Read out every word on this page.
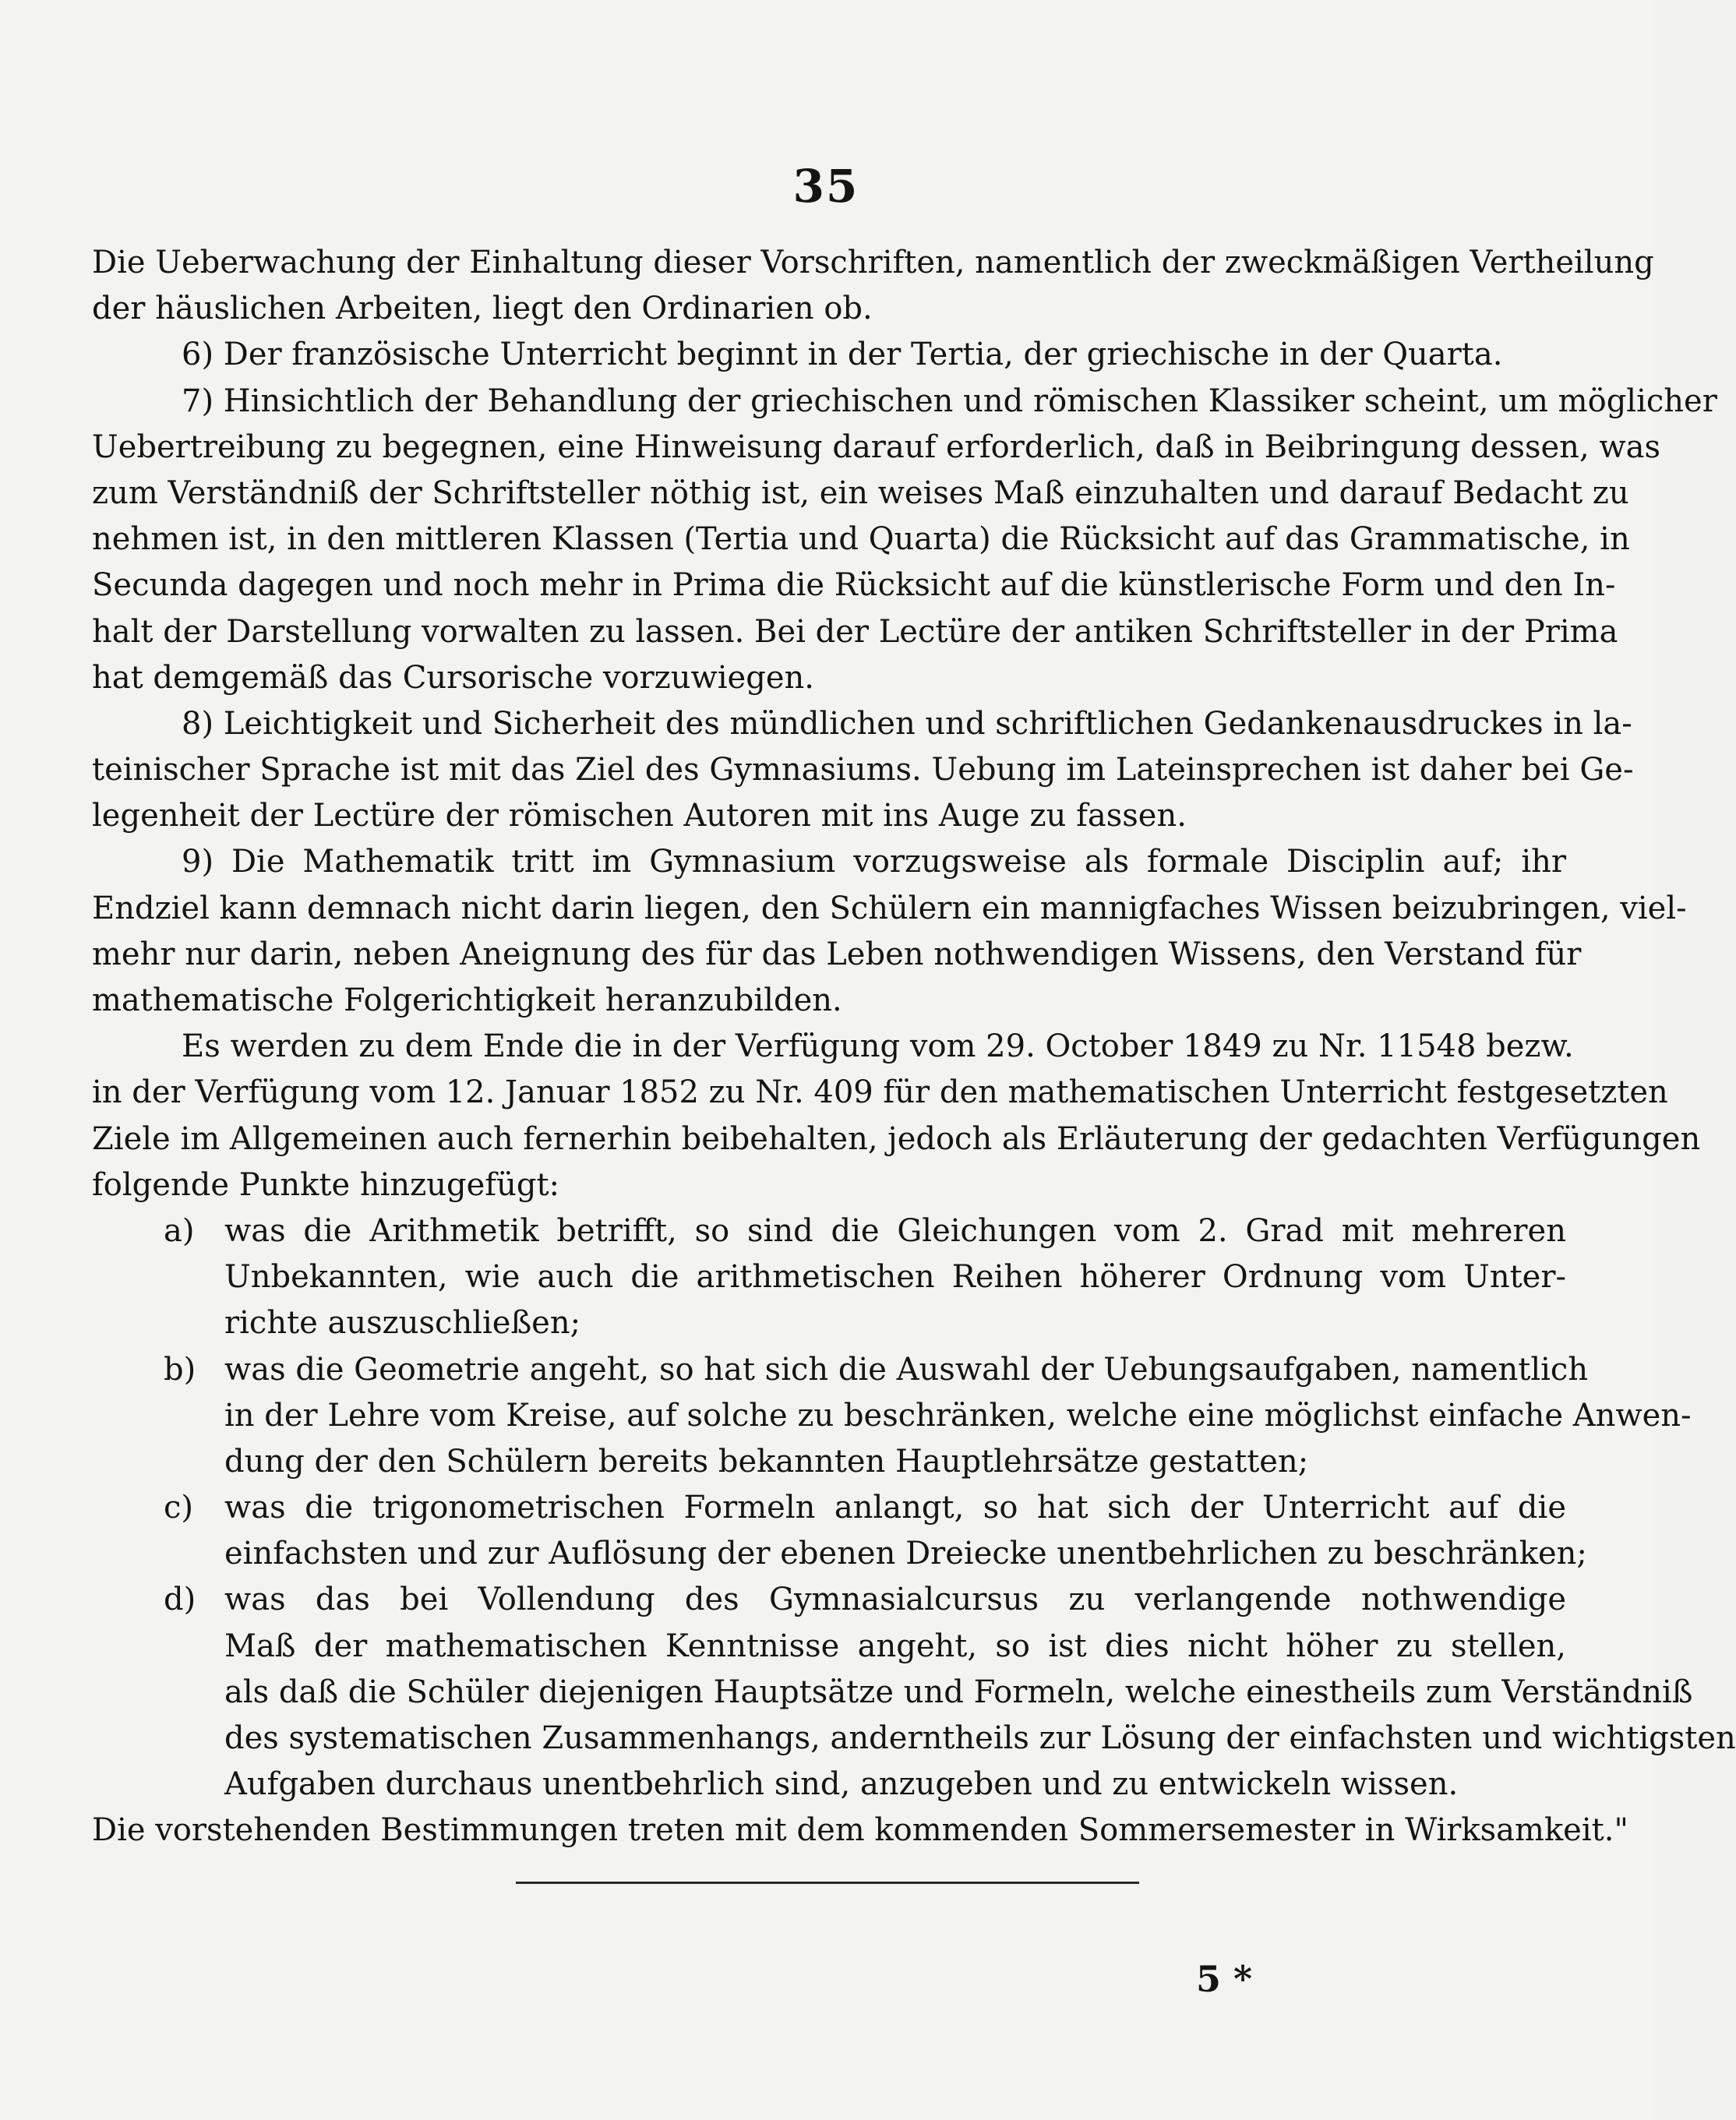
35
Die Ueberwachung der Einhaltung dieser Vorschriften, namentlich der zweckmäßigen Vertheilung
der häuslichen Arbeiten, liegt den Ordinarien ob.
6) Der französische Unterricht beginnt in der Tertia, der griechische in der Quarta.
7) Hinsichtlich der Behandlung der griechischen und römischen Klassiker scheint, um möglicher
Uebertreibung zu begegnen, eine Hinweisung darauf erforderlich, daß in Beibringung dessen, was
zum Verständniß der Schriftsteller nöthig ist, ein weises Maß einzuhalten und darauf Bedacht zu
nehmen ist, in den mittleren Klassen (Tertia und Quarta) die Rücksicht auf das Grammatische, in
Secunda dagegen und noch mehr in Prima die Rücksicht auf die künstlerische Form und den In-
halt der Darstellung vorwalten zu lassen. Bei der Lectüre der antiken Schriftsteller in der Prima
hat demgemäß das Cursorische vorzuwiegen.
8) Leichtigkeit und Sicherheit des mündlichen und schriftlichen Gedankenausdruckes in la-
teinischer Sprache ist mit das Ziel des Gymnasiums. Uebung im Lateinsprechen ist daher bei Ge-
legenheit der Lectüre der römischen Autoren mit ins Auge zu fassen.
9) Die Mathematik tritt im Gymnasium vorzugsweise als formale Disciplin auf; ihr
Endziel kann demnach nicht darin liegen, den Schülern ein mannigfaches Wissen beizubringen, viel-
mehr nur darin, neben Aneignung des für das Leben nothwendigen Wissens, den Verstand für
mathematische Folgerichtigkeit heranzubilden.
Es werden zu dem Ende die in der Verfügung vom 29. October 1849 zu Nr. 11548 bezw.
in der Verfügung vom 12. Januar 1852 zu Nr. 409 für den mathematischen Unterricht festgesetzten
Ziele im Allgemeinen auch fernerhin beibehalten, jedoch als Erläuterung der gedachten Verfügungen
folgende Punkte hinzugefügt:
a) was die Arithmetik betrifft, so sind die Gleichungen vom 2. Grad mit mehreren
Unbekannten, wie auch die arithmetischen Reihen höherer Ordnung vom Unter-
richte auszuschließen;
b) was die Geometrie angeht, so hat sich die Auswahl der Uebungsaufgaben, namentlich
in der Lehre vom Kreise, auf solche zu beschränken, welche eine möglichst einfache Anwen-
dung der den Schülern bereits bekannten Hauptlehrsätze gestatten;
c) was die trigonometrischen Formeln anlangt, so hat sich der Unterricht auf die
einfachsten und zur Auflösung der ebenen Dreiecke unentbehrlichen zu beschränken;
d) was das bei Vollendung des Gymnasialcursus zu verlangende nothwendige
Maß der mathematischen Kenntnisse angeht, so ist dies nicht höher zu stellen,
als daß die Schüler diejenigen Hauptsätze und Formeln, welche einestheils zum Verständniß
des systematischen Zusammenhangs, anderntheils zur Lösung der einfachsten und wichtigsten
Aufgaben durchaus unentbehrlich sind, anzugeben und zu entwickeln wissen.
Die vorstehenden Bestimmungen treten mit dem kommenden Sommersemester in Wirksamkeit."
5 *
